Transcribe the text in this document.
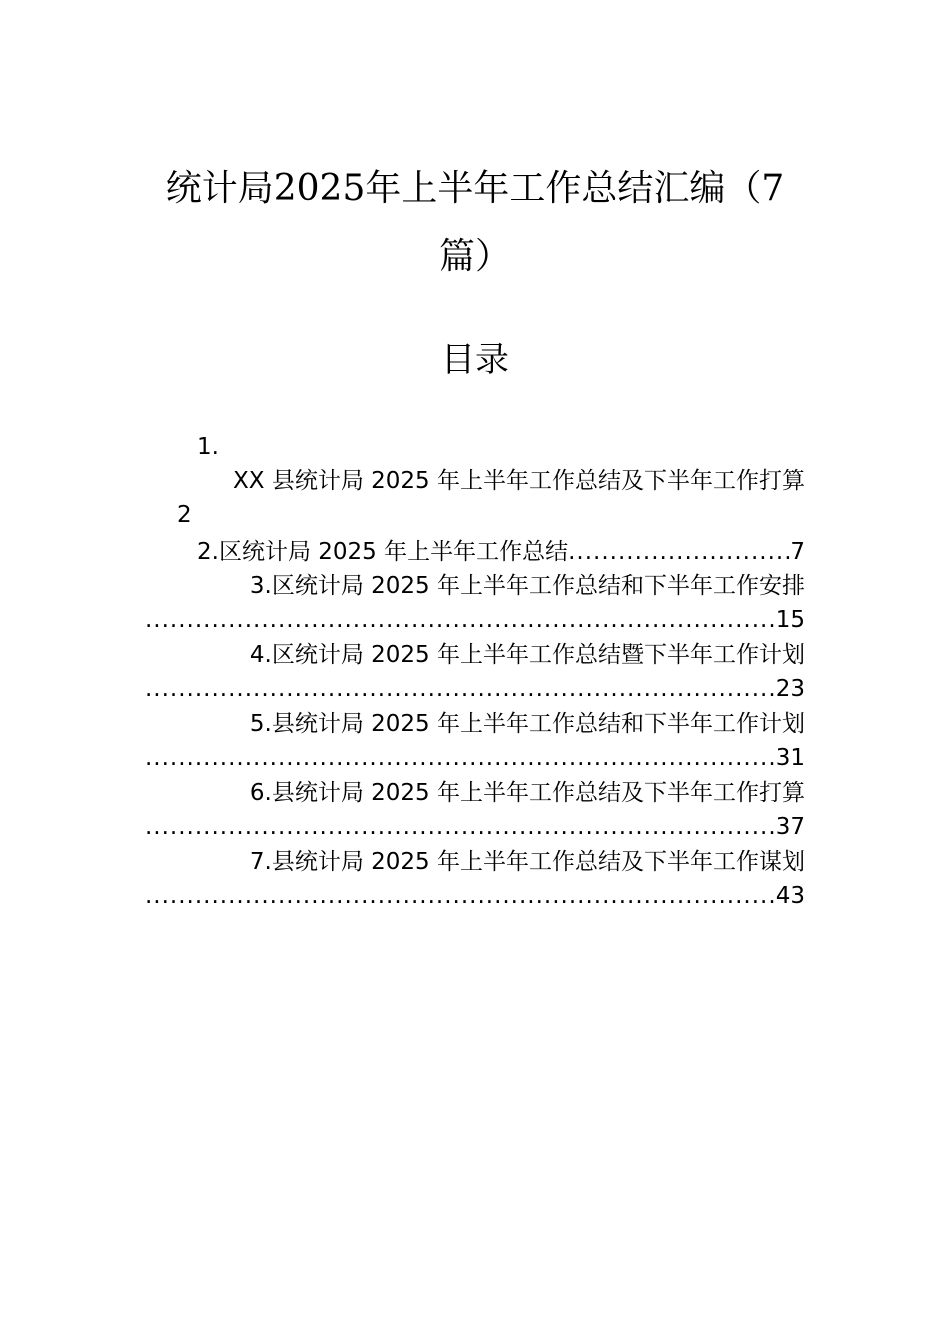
统计局2025年上半年工作总结汇编（7
篇）
目录
1.
XX 县统计局 2025 年上半年工作总结及下半年工作打算
2
2. 区统计局 2025 年上半年工作总结
.....	7
3.区统计局 2025 年上半年工作总结和下半年工作安排
.....
15
4.区统计局 2025 年上半年工作总结暨下半年工作计划
.....
23
5.县统计局 2025 年上半年工作总结和下半年工作计划
.....
31
6.县统计局 2025 年上半年工作总结及下半年工作打算
.....
37
7.县统计局 2025 年上半年工作总结及下半年工作谋划
.....
43
